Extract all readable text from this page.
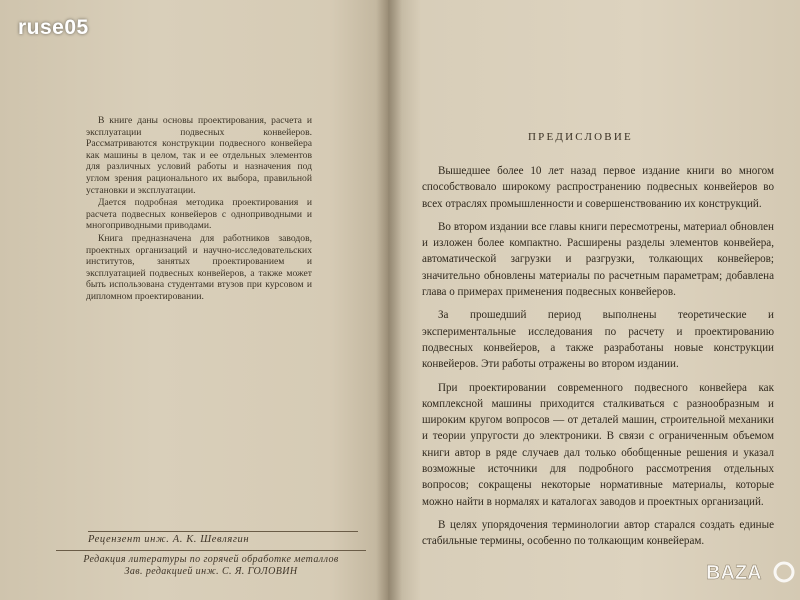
В книге даны основы проектирования, расчета и эксплуатации подвесных конвейеров. Рассматриваются конструкции подвесного конвейера как машины в целом, так и ее отдельных элементов для различных условий работы и назначения под углом зрения рационального их выбора, правильной установки и эксплуатации.

Дается подробная методика проектирования и расчета подвесных конвейеров с одноприводными и многоприводными приводами.

Книга предназначена для работников заводов, проектных организаций и научно-исследовательских институтов, занятых проектированием и эксплуатацией подвесных конвейеров, а также может быть использована студентами втузов при курсовом и дипломном проектировании.

Рецензент инж. А. К. Шевлягин
Редакция литературы по горячей обработке металлов
Зав. редакцией инж. С. Я. ГОЛОВИН
ПРЕДИСЛОВИЕ

Вышедшее более 10 лет назад первое издание книги во многом способствовало широкому распространению подвесных конвейеров во всех отраслях промышленности и совершенствованию их конструкций.

Во втором издании все главы книги пересмотрены, материал обновлен и изложен более компактно. Расширены разделы элементов конвейера, автоматической загрузки и разгрузки, толкающих конвейеров; значительно обновлены материалы по расчетным параметрам; добавлена глава о примерах применения подвесных конвейеров.

За прошедший период выполнены теоретические и экспериментальные исследования по расчету и проектированию подвесных конвейеров, а также разработаны новые конструкции конвейеров. Эти работы отражены во втором издании.

При проектировании современного подвесного конвейера как комплексной машины приходится сталкиваться с разнообразным и широким кругом вопросов — от деталей машин, строительной механики и теории упругости до электроники. В связи с ограниченным объемом книги автор в ряде случаев дал только обобщенные решения и указал возможные источники для подробного рассмотрения отдельных вопросов; сокращены некоторые нормативные материалы, которые можно найти в нормалях и каталогах заводов и проектных организаций.

В целях упорядочения терминологии автор старался создать единые стабильные термины, особенно по толкающим конвейерам.

ruse05
BAZA
